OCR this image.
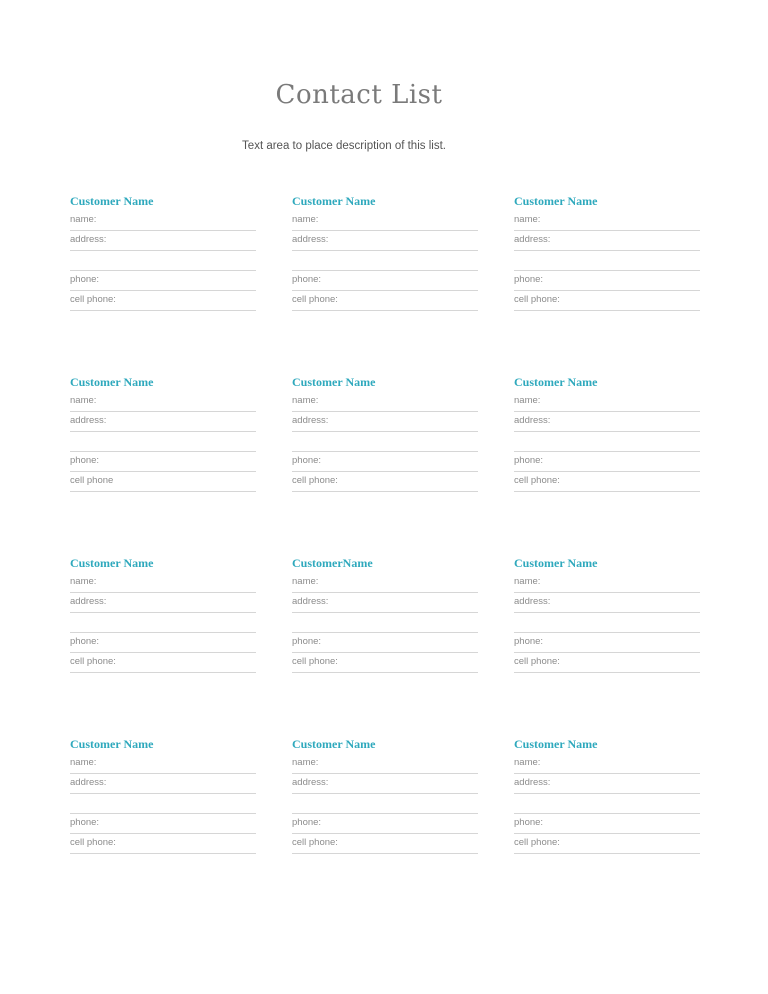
Contact List
Text area to place description of this list.
Customer Name
name:
address:
phone:
cell phone:
Customer Name
name:
address:
phone:
cell phone:
Customer Name
name:
address:
phone:
cell phone:
Customer Name
name:
address:
phone:
cell phone
Customer Name
name:
address:
phone:
cell phone:
Customer Name
name:
address:
phone:
cell phone:
Customer Name
name:
address:
phone:
cell phone:
CustomerName
name:
address:
phone:
cell phone:
Customer Name
name:
address:
phone:
cell phone:
Customer Name
name:
address:
phone:
cell phone:
Customer Name
name:
address:
phone:
cell phone:
Customer Name
name:
address:
phone:
cell phone:
